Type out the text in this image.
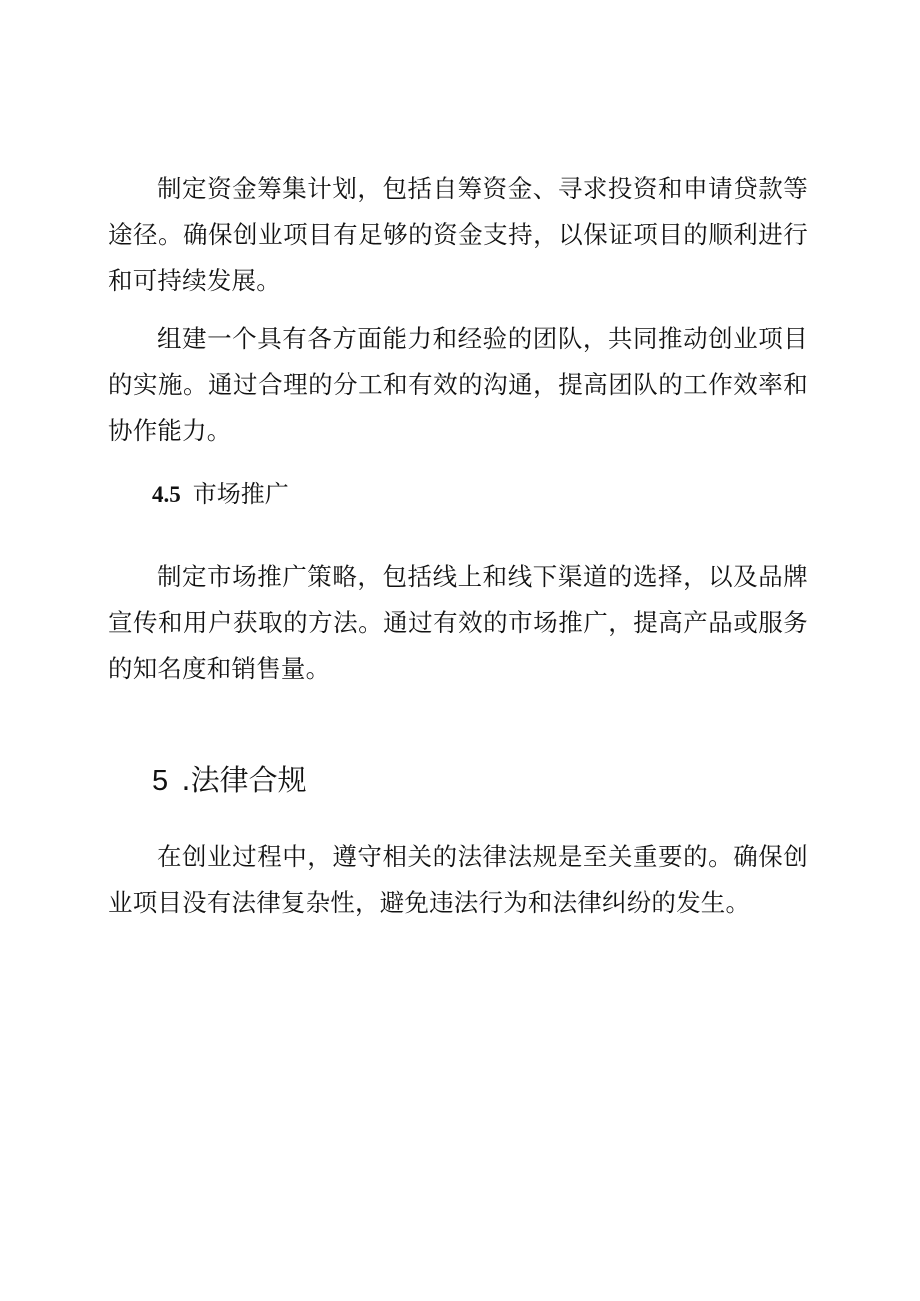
制定资金筹集计划，包括自筹资金、寻求投资和申请贷款等途径。确保创业项目有足够的资金支持，以保证项目的顺利进行和可持续发展。

组建一个具有各方面能力和经验的团队，共同推动创业项目的实施。通过合理的分工和有效的沟通，提高团队的工作效率和协作能力。

4.5 市场推广

制定市场推广策略，包括线上和线下渠道的选择，以及品牌宣传和用户获取的方法。通过有效的市场推广，提高产品或服务的知名度和销售量。

5 .法律合规

在创业过程中，遵守相关的法律法规是至关重要的。确保创业项目没有法律复杂性，避免违法行为和法律纠纷的发生。
